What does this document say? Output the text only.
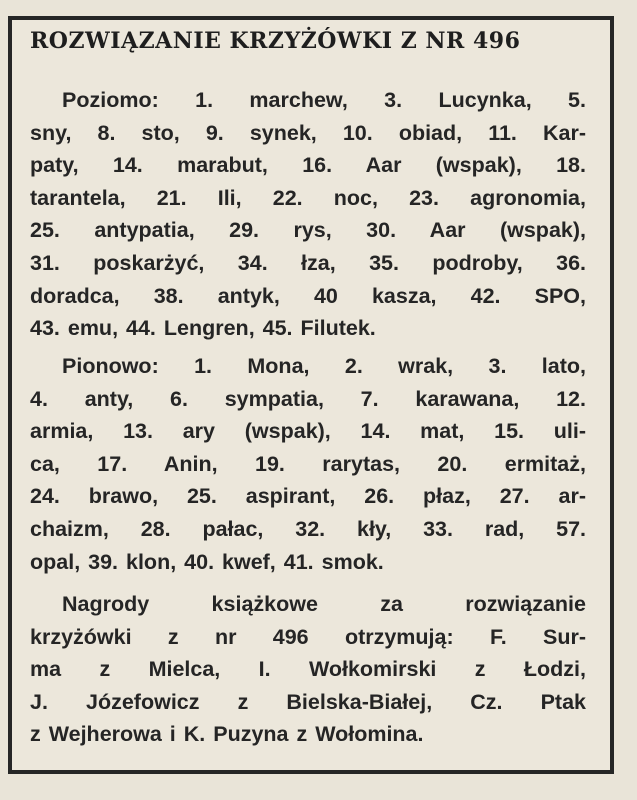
ROZWIĄZANIE KRZYŻÓWKI Z NR 496

Poziomo: 1. marchew, 3. Lucynka, 5.
sny, 8. sto, 9. synek, 10. obiad, 11. Kar-
paty, 14. marabut, 16. Aar (wspak), 18.
tarantela, 21. Ili, 22. noc, 23. agronomia,
25. antypatia, 29. rys, 30. Aar (wspak),
31. poskarżyć, 34. łza, 35. podroby, 36.
doradca, 38. antyk, 40 kasza, 42. SPO,
43. emu, 44. Lengren, 45. Filutek.

Pionowo: 1. Mona, 2. wrak, 3. lato,
4. anty, 6. sympatia, 7. karawana, 12.
armia, 13. ary (wspak), 14. mat, 15. uli-
ca, 17. Anin, 19. rarytas, 20. ermitaż,
24. brawo, 25. aspirant, 26. płaz, 27. ar-
chaizm, 28. pałac, 32. kły, 33. rad, 57.
opal, 39. klon, 40. kwef, 41. smok.

Nagrody książkowe za rozwiązanie
krzyżówki z nr 496 otrzymują: F. Sur-
ma z Mielca, I. Wołkomirski z Łodzi,
J. Józefowicz z Bielska-Białej, Cz. Ptak
z Wejherowa i K. Puzyna z Wołomina.
